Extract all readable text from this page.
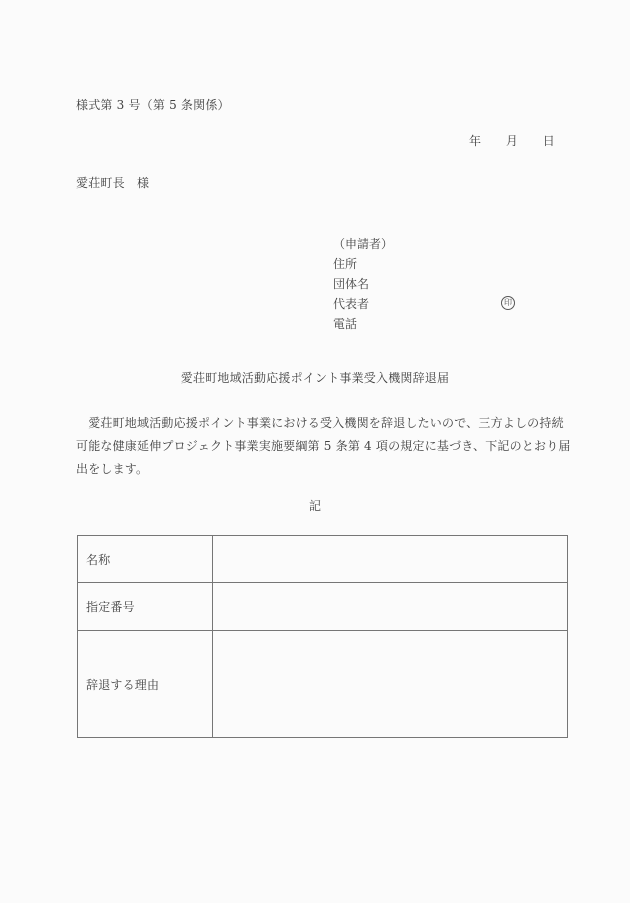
様式第 3 号（第 5 条関係）
年　　月　　日
愛荘町長　様
（申請者）
住所
団体名
代表者
電話
印
愛荘町地域活動応援ポイント事業受入機関辞退届
　愛荘町地域活動応援ポイント事業における受入機関を辞退したいので、三方よしの持続
可能な健康延伸プロジェクト事業実施要綱第 5 条第 4 項の規定に基づき、下記のとおり届
出をします。
記
名称	
指定番号	
辞退する理由	
